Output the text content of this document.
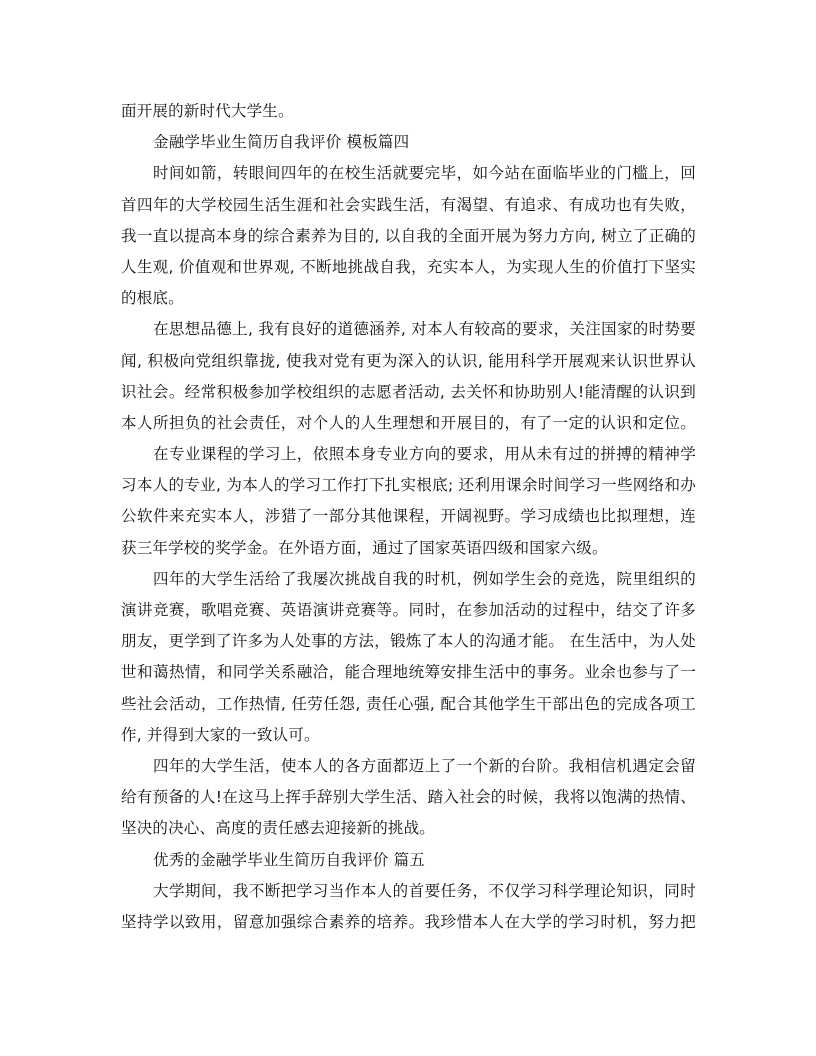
面开展的新时代大学生。
金融学毕业生简历自我评价 模板篇四
时间如箭，转眼间四年的在校生活就要完毕，如今站在面临毕业的门槛上，回
首四年的大学校园生活生涯和社会实践生活，有渴望、有追求、有成功也有失败，
我一直以提高本身的综合素养为目的, 以自我的全面开展为努力方向, 树立了正确的
人生观, 价值观和世界观, 不断地挑战自我，充实本人，为实现人生的价值打下坚实
的根底。
在思想品德上, 我有良好的道德涵养, 对本人有较高的要求，关注国家的时势要
闻, 积极向党组织靠拢, 使我对党有更为深入的认识, 能用科学开展观来认识世界认
识社会。经常积极参加学校组织的志愿者活动, 去关怀和协助别人!能清醒的认识到
本人所担负的社会责任，对个人的人生理想和开展目的，有了一定的认识和定位。
在专业课程的学习上，依照本身专业方向的要求，用从未有过的拼搏的精神学
习本人的专业, 为本人的学习工作打下扎实根底; 还利用课余时间学习一些网络和办
公软件来充实本人，涉猎了一部分其他课程，开阔视野。学习成绩也比拟理想，连
获三年学校的奖学金。在外语方面，通过了国家英语四级和国家六级。
四年的大学生活给了我屡次挑战自我的时机，例如学生会的竞选，院里组织的
演讲竞赛，歌唱竞赛、英语演讲竞赛等。同时，在参加活动的过程中，结交了许多
朋友，更学到了许多为人处事的方法，锻炼了本人的沟通才能。 在生活中，为人处
世和蔼热情，和同学关系融洽，能合理地统筹安排生活中的事务。业余也参与了一
些社会活动，工作热情, 任劳任怨, 责任心强, 配合其他学生干部出色的完成各项工
作, 并得到大家的一致认可。
四年的大学生活，使本人的各方面都迈上了一个新的台阶。我相信机遇定会留
给有预备的人!在这马上挥手辞别大学生活、踏入社会的时候，我将以饱满的热情、
坚决的决心、高度的责任感去迎接新的挑战。
优秀的金融学毕业生简历自我评价 篇五
大学期间，我不断把学习当作本人的首要任务，不仅学习科学理论知识，同时
坚持学以致用，留意加强综合素养的培养。我珍惜本人在大学的学习时机，努力把
